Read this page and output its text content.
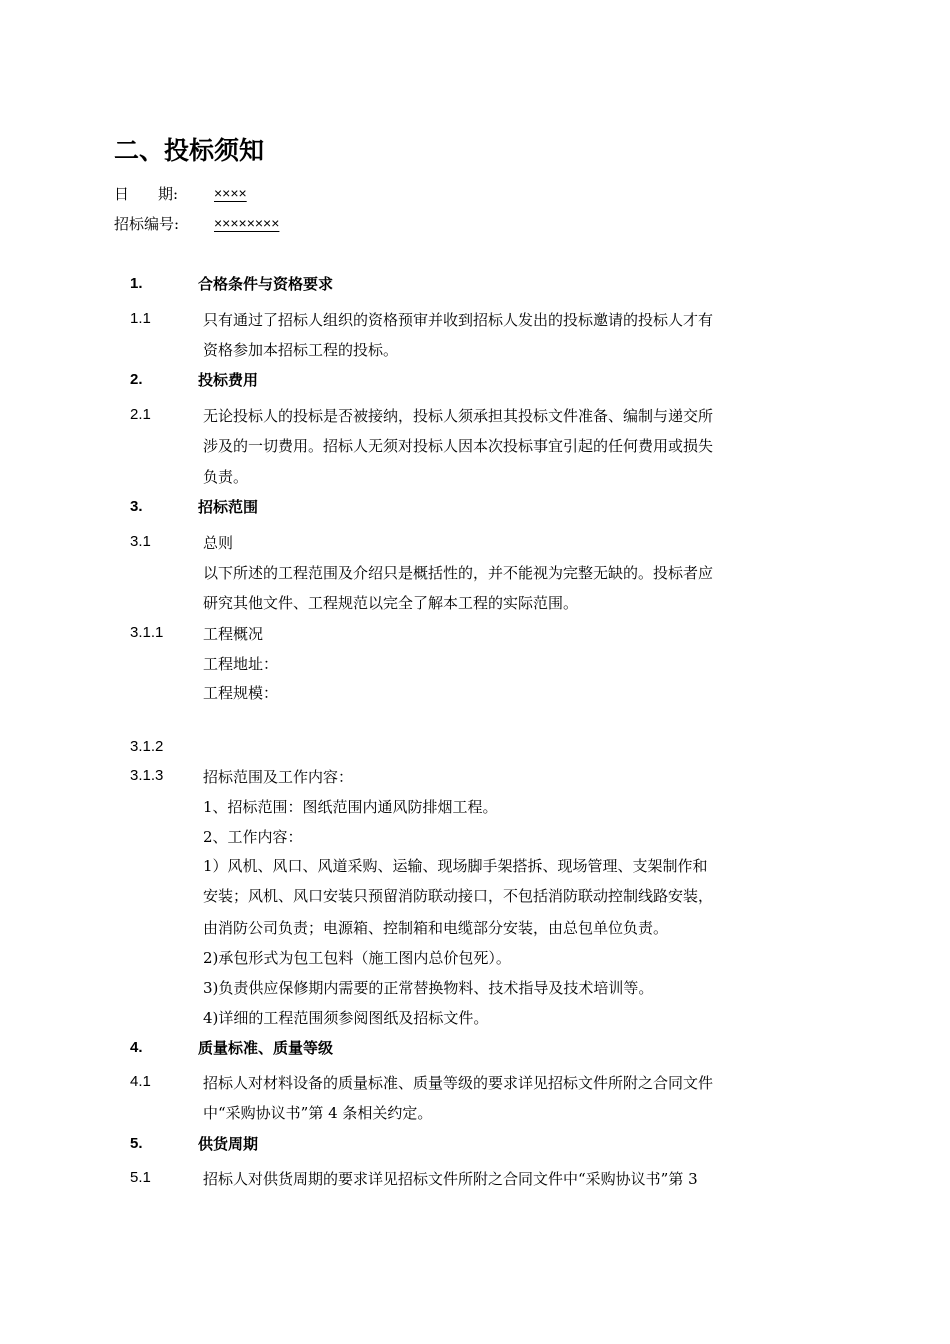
二、投标须知
日 期:	××××
招标编号: ××××××××
1.	合格条件与资格要求
1.1	只有通过了招标人组织的资格预审并收到招标人发出的投标邀请的投标人才有
资格参加本招标工程的投标。
2.	投标费用
2.1	无论投标人的投标是否被接纳，投标人须承担其投标文件准备、编制与递交所
涉及的一切费用。招标人无须对投标人因本次投标事宜引起的任何费用或损失
负责。
3.	招标范围
3.1	总则
以下所述的工程范围及介绍只是概括性的，并不能视为完整无缺的。投标者应
研究其他文件、工程规范以完全了解本工程的实际范围。
3.1.1	工程概况
工程地址：
工程规模：
3.1.2
3.1.3	招标范围及工作内容：
1、招标范围：图纸范围内通风防排烟工程。
2、工作内容：
1）风机、风口、风道采购、运输、现场脚手架搭拆、现场管理、支架制作和
安装；风机、风口安装只预留消防联动接口，不包括消防联动控制线路安装，
由消防公司负责；电源箱、控制箱和电缆部分安装，由总包单位负责。
2)承包形式为包工包料（施工图内总价包死）。
3)负责供应保修期内需要的正常替换物料、技术指导及技术培训等。
4)详细的工程范围须参阅图纸及招标文件。
4.	质量标准、质量等级
4.1	招标人对材料设备的质量标准、质量等级的要求详见招标文件所附之合同文件
中“采购协议书”第 4 条相关约定。
5.	供货周期
5.1	招标人对供货周期的要求详见招标文件所附之合同文件中“采购协议书”第 3
